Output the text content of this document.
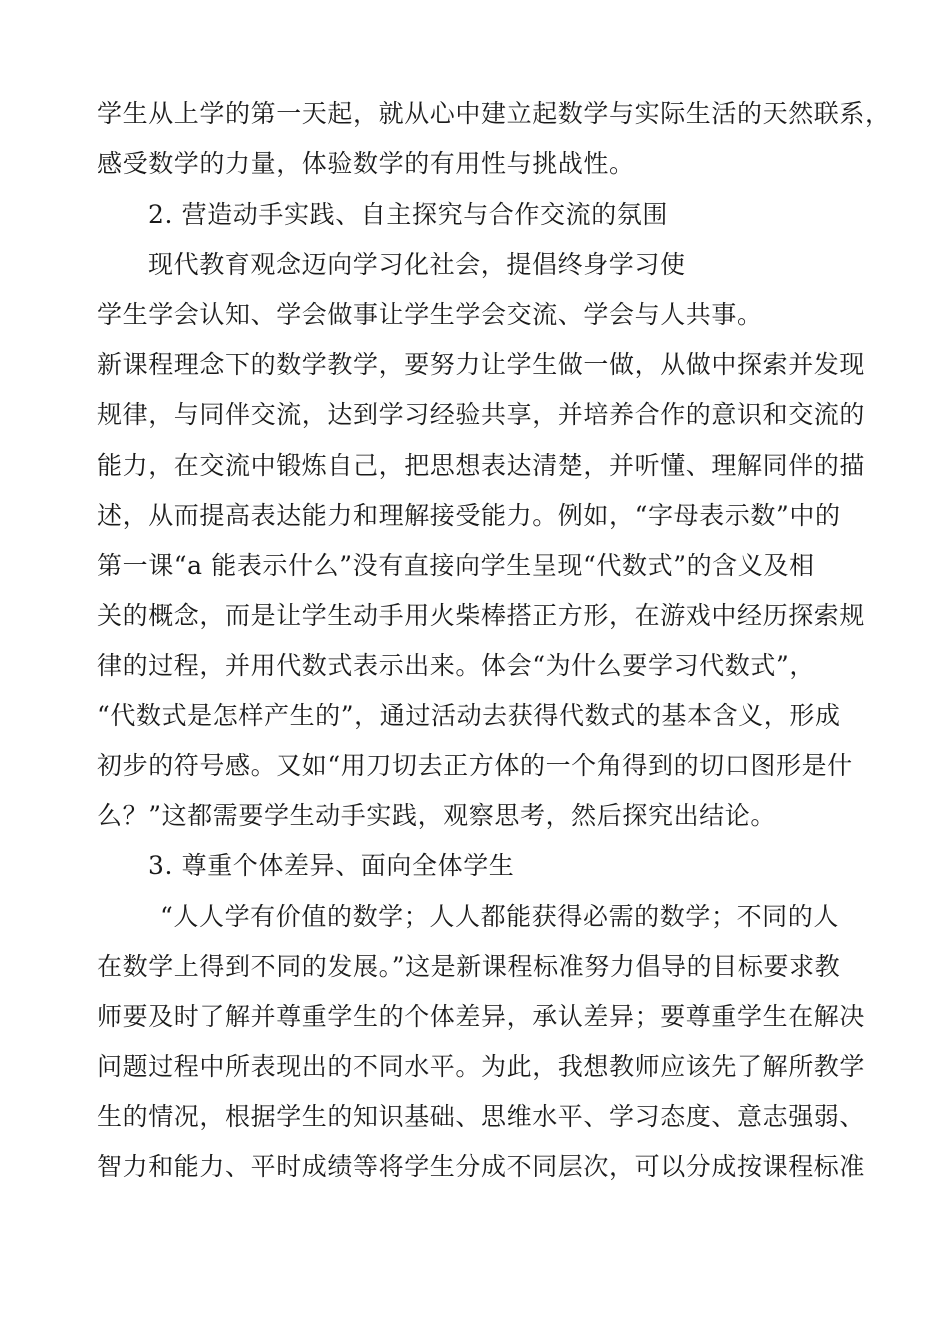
学生从上学的第一天起，就从心中建立起数学与实际生活的天然联系，
感受数学的力量，体验数学的有用性与挑战性。
2. 营造动手实践、自主探究与合作交流的氛围
现代教育观念迈向学习化社会，提倡终身学习使
学生学会认知、学会做事让学生学会交流、学会与人共事。
新课程理念下的数学教学，要努力让学生做一做，从做中探索并发现
规律，与同伴交流，达到学习经验共享，并培养合作的意识和交流的
能力，在交流中锻炼自己，把思想表达清楚，并听懂、理解同伴的描
述，从而提高表达能力和理解接受能力。例如，“字母表示数”中的
第一课“a 能表示什么”没有直接向学生呈现“代数式”的含义及相
关的概念，而是让学生动手用火柴棒搭正方形，在游戏中经历探索规
律的过程，并用代数式表示出来。体会“为什么要学习代数式”，
“代数式是怎样产生的”，通过活动去获得代数式的基本含义，形成
初步的符号感。又如“用刀切去正方体的一个角得到的切口图形是什
么？”这都需要学生动手实践，观察思考，然后探究出结论。
3. 尊重个体差异、面向全体学生
“人人学有价值的数学；人人都能获得必需的数学；不同的人
在数学上得到不同的发展。”这是新课程标准努力倡导的目标要求教
师要及时了解并尊重学生的个体差异，承认差异；要尊重学生在解决
问题过程中所表现出的不同水平。为此，我想教师应该先了解所教学
生的情况，根据学生的知识基础、思维水平、学习态度、意志强弱、
智力和能力、平时成绩等将学生分成不同层次，可以分成按课程标准
